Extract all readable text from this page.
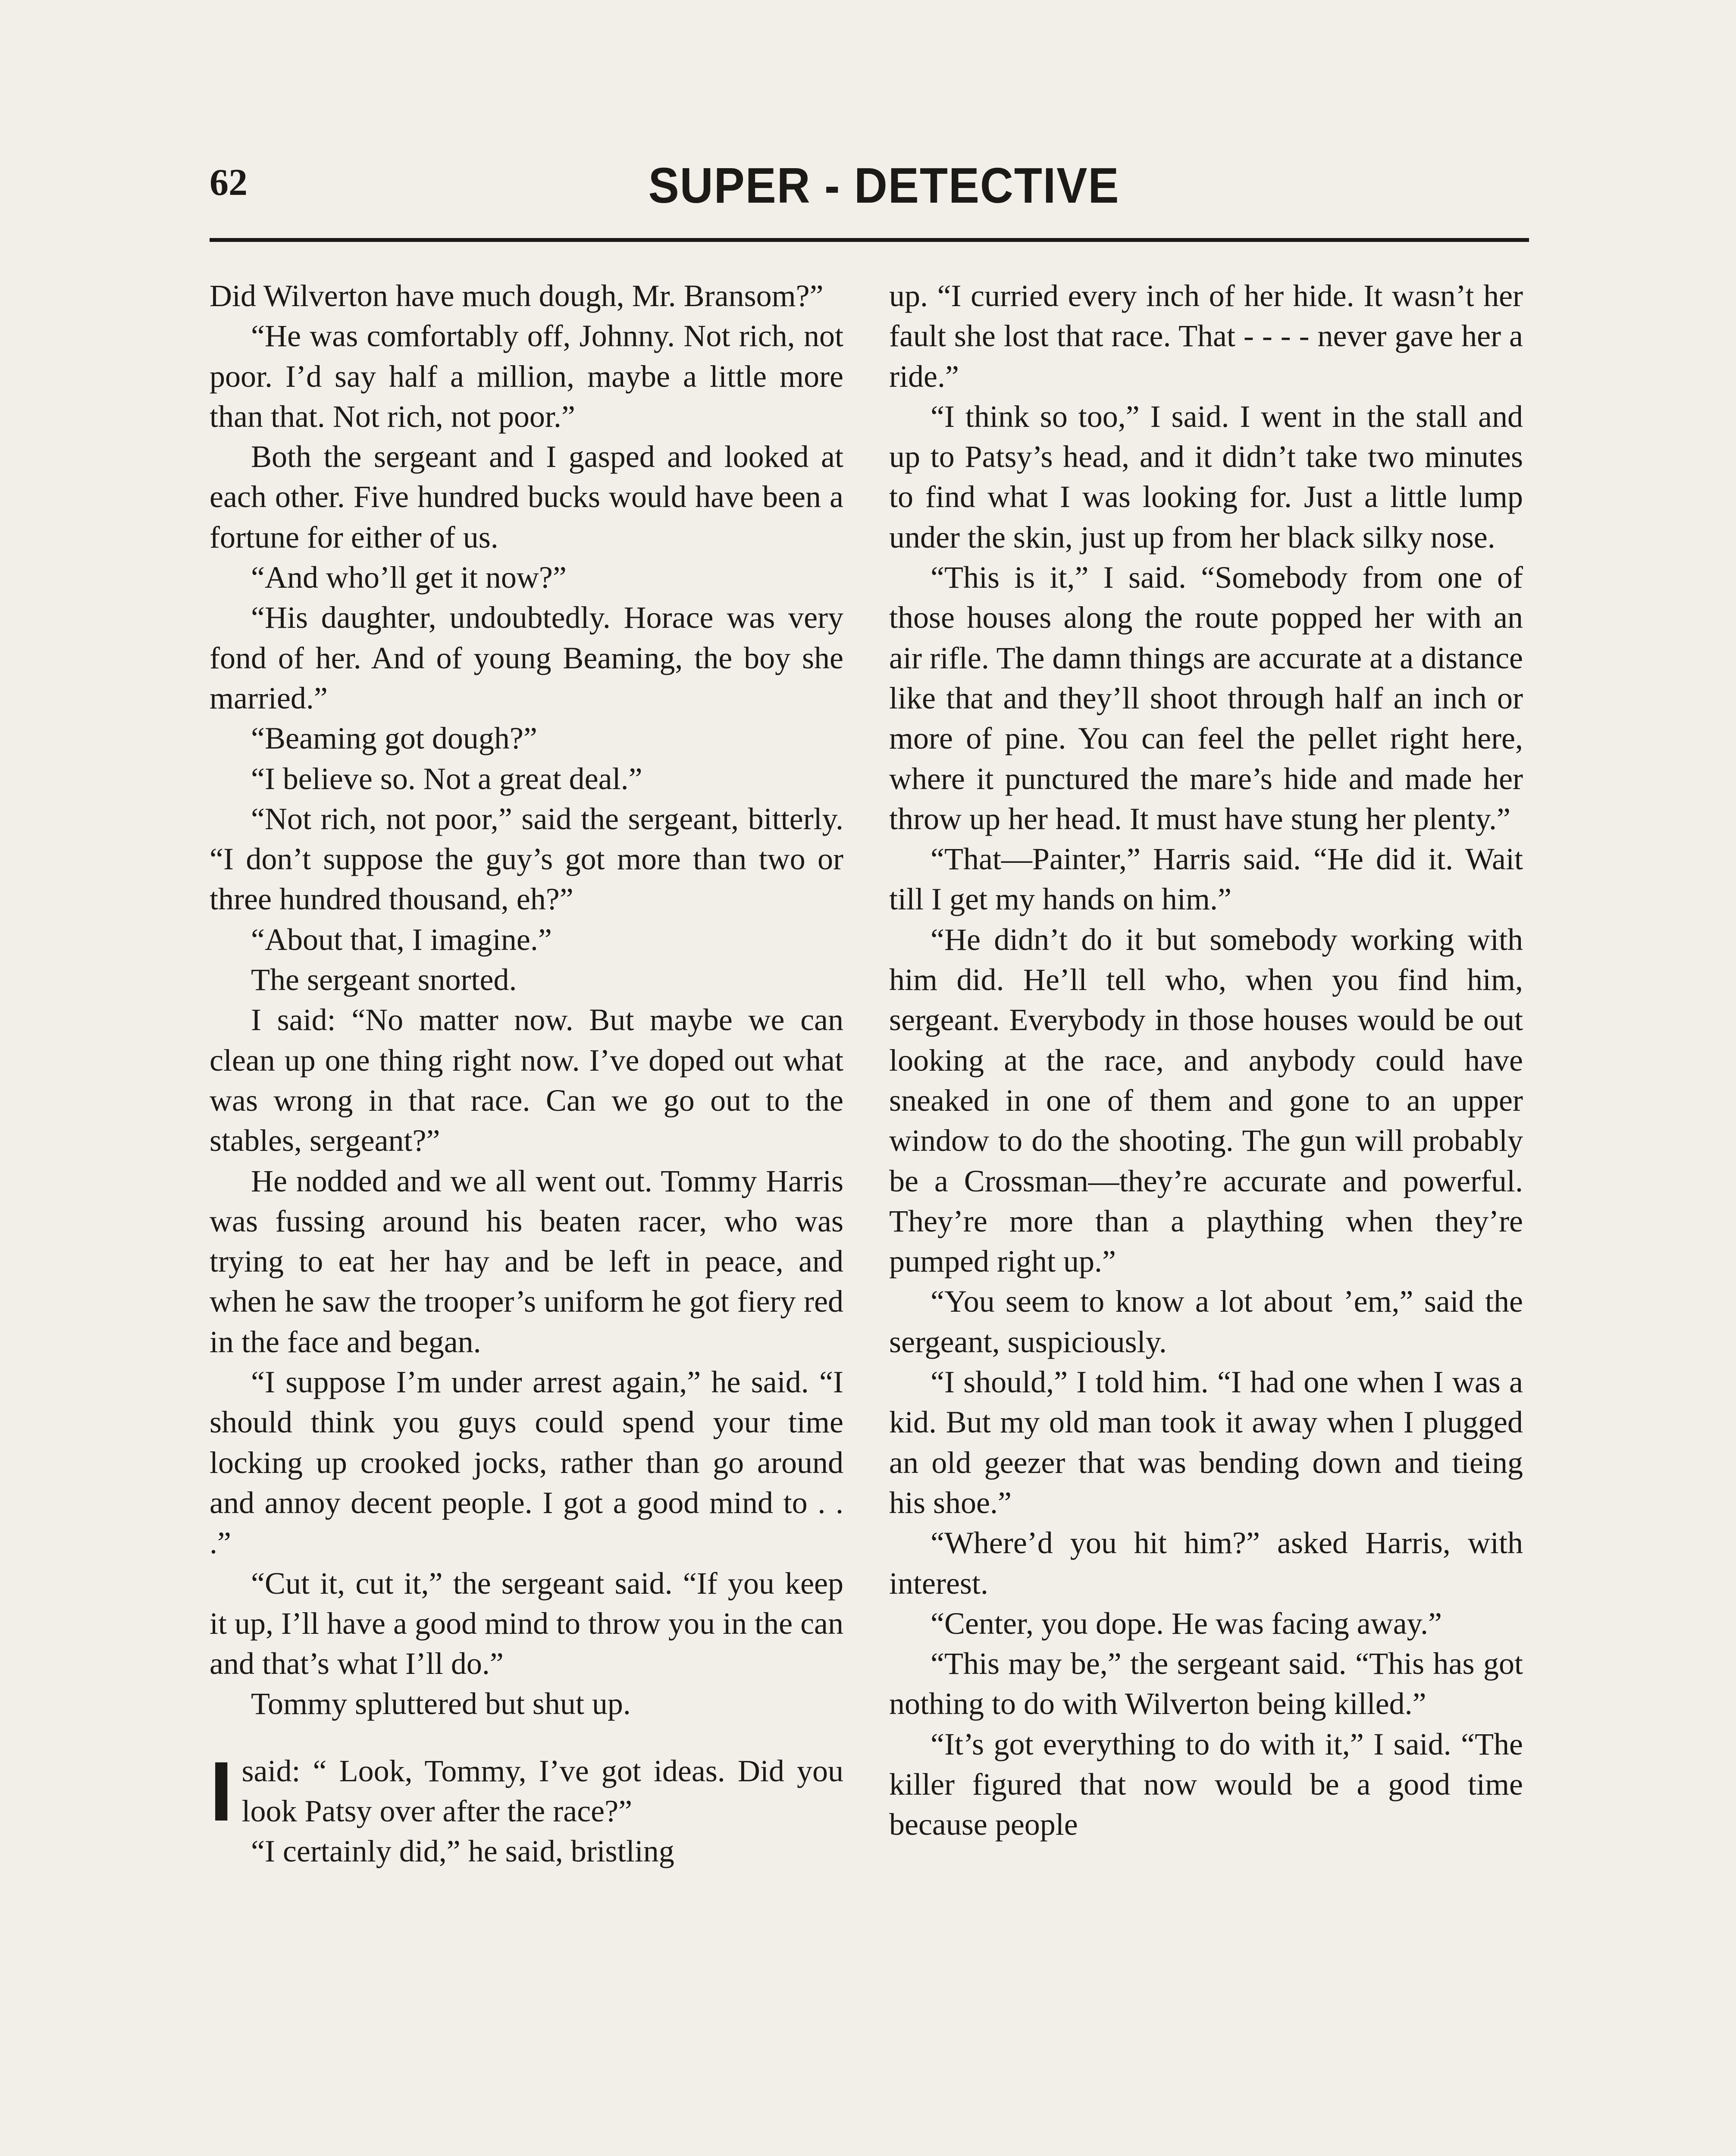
62	SUPER - DETECTIVE

Did Wilverton have much dough, Mr. Bransom?”

“He was comfortably off, Johnny. Not rich, not poor. I’d say half a million, maybe a little more than that. Not rich, not poor.”

Both the sergeant and I gasped and looked at each other. Five hundred bucks would have been a fortune for either of us.

“And who’ll get it now?”

“His daughter, undoubtedly. Horace was very fond of her. And of young Beaming, the boy she married.”

“Beaming got dough?”

“I believe so. Not a great deal.”

“Not rich, not poor,” said the sergeant, bitterly. “I don’t suppose the guy’s got more than two or three hundred thousand, eh?”

“About that, I imagine.”

The sergeant snorted.

I said: “No matter now. But maybe we can clean up one thing right now. I’ve doped out what was wrong in that race. Can we go out to the stables, sergeant?”

He nodded and we all went out. Tommy Harris was fussing around his beaten racer, who was trying to eat her hay and be left in peace, and when he saw the trooper’s uniform he got fiery red in the face and began.

“I suppose I’m under arrest again,” he said. “I should think you guys could spend your time locking up crooked jocks, rather than go around and annoy decent people. I got a good mind to . . .”

“Cut it, cut it,” the sergeant said. “If you keep it up, I’ll have a good mind to throw you in the can and that’s what I’ll do.”

Tommy spluttered but shut up.

I said: “ Look, Tommy, I’ve got ideas. Did you look Patsy over after the race?”

“I certainly did,” he said, bristling

up. “I curried every inch of her hide. It wasn’t her fault she lost that race. That - - - - never gave her a ride.”

“I think so too,” I said. I went in the stall and up to Patsy’s head, and it didn’t take two minutes to find what I was looking for. Just a little lump under the skin, just up from her black silky nose.

“This is it,” I said. “Somebody from one of those houses along the route popped her with an air rifle. The damn things are accurate at a distance like that and they’ll shoot through half an inch or more of pine. You can feel the pellet right here, where it punctured the mare’s hide and made her throw up her head. It must have stung her plenty.”

“That—Painter,” Harris said. “He did it. Wait till I get my hands on him.”

“He didn’t do it but somebody working with him did. He’ll tell who, when you find him, sergeant. Everybody in those houses would be out looking at the race, and anybody could have sneaked in one of them and gone to an upper window to do the shooting. The gun will probably be a Crossman—they’re accurate and powerful. They’re more than a plaything when they’re pumped right up.”

“You seem to know a lot about ’em,” said the sergeant, suspiciously.

“I should,” I told him. “I had one when I was a kid. But my old man took it away when I plugged an old geezer that was bending down and tieing his shoe.”

“Where’d you hit him?” asked Harris, with interest.

“Center, you dope. He was facing away.”

“This may be,” the sergeant said. “This has got nothing to do with Wilverton being killed.”

“It’s got everything to do with it,” I said. “The killer figured that now would be a good time because people
